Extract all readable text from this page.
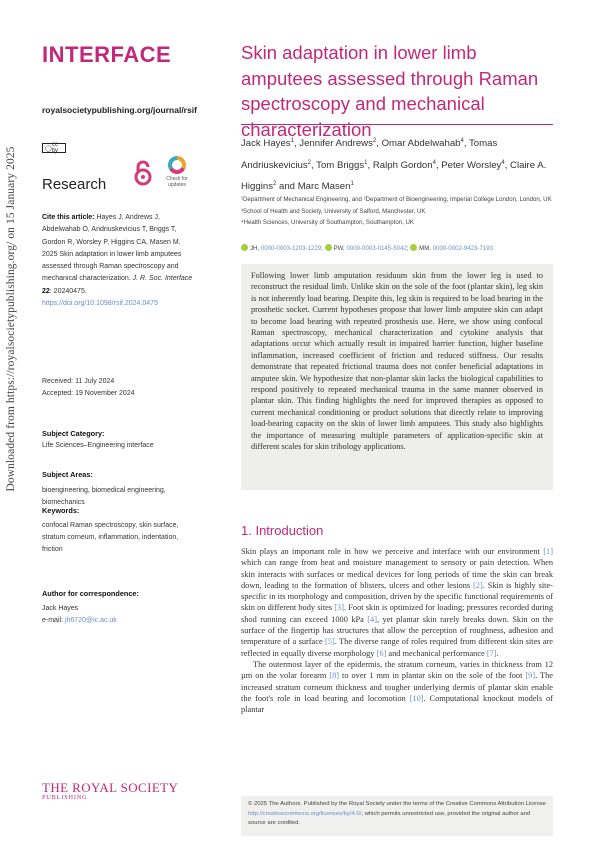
Downloaded from https://royalsocietypublishing.org/ on 15 January 2025
INTERFACE
royalsocietypublishing.org/journal/rsif
◯
cc by
Research	Check for updates
Cite this article: Hayes J, Andrews J, Abdelwahab O, Andriuskevicius T, Briggs T, Gordon R, Worsley P, Higgins CA, Masen M. 2025 Skin adaptation in lower limb amputees assessed through Raman spectroscopy and mechanical characterization. J. R. Soc. Interface 22: 20240475. https://doi.org/10.1098/rsif.2024.0475
Received: 11 July 2024
Accepted: 19 November 2024
Subject Category:
Life Sciences–Engineering interface
Subject Areas:
bioengineering, biomedical engineering, biomechanics
Keywords:
confocal Raman spectroscopy, skin surface, stratum corneum, inflammation, indentation, friction
Author for correspondence:
Jack Hayes
e-mail: jh6720@ic.ac.uk
THE ROYAL SOCIETY
PUBLISHING
Skin adaptation in lower limb amputees assessed through Raman spectroscopy and mechanical characterization
Jack Hayes$^1$, Jennifer Andrews$^2$, Omar Abdelwahab$^4$, Tomas Andriuskevicius$^2$, Tom Briggs$^1$, Ralph Gordon$^4$, Peter Worsley$^4$, Claire A. Higgins$^2$ and Marc Masen$^1$
¹Department of Mechanical Engineering, and ²Department of Bioengineering, Imperial College London, London, UK
³School of Health and Society, University of Salford, Manchester, UK
⁴Health Sciences, University of Southampton, Southampton, UK
JH, 0000-0003-1203-1229; PW, 0000-0003-0145-5042; MM, 0000-0002-9423-7193
Following lower limb amputation residuum skin from the lower leg is used to reconstruct the residual limb. Unlike skin on the sole of the foot (plantar skin), leg skin is not inherently load bearing. Despite this, leg skin is required to be load bearing in the prosthetic socket. Current hypotheses propose that lower limb amputee skin can adapt to become load bearing with repeated prosthesis use. Here, we show using confocal Raman spectroscopy, mechanical characterization and cytokine analysis that adaptations occur which actually result in impaired barrier function, higher baseline inflammation, increased coefficient of friction and reduced stiffness. Our results demonstrate that repeated frictional trauma does not confer beneficial adaptations in amputee skin. We hypothesize that non-plantar skin lacks the biological capabilities to respond positively to repeated mechanical trauma in the same manner observed in plantar skin. This finding highlights the need for improved therapies as opposed to current mechanical conditioning or product solutions that directly relate to improving load-bearing capacity on the skin of lower limb amputees. This study also highlights the importance of measuring multiple parameters of application-specific skin at different scales for skin tribology applications.
1. Introduction

Skin plays an important role in how we perceive and interface with our environment [1] which can range from heat and moisture management to sensory or pain detection. When skin interacts with surfaces or medical devices for long periods of time the skin can break down, leading to the formation of blisters, ulcers and other lesions [2]. Skin is highly site-specific in its morphology and composition, driven by the specific functional requirements of skin on different body sites [3]. Foot skin is optimized for loading; pressures recorded during shod running can exceed 1000 kPa [4], yet plantar skin rarely breaks down. Skin on the surface of the fingertip has structures that allow the perception of roughness, adhesion and temperature of a surface [5]. The diverse range of roles required from different skin sites are reflected in equally diverse morphology [6] and mechanical performance [7].

The outermost layer of the epidermis, the stratum corneum, varies in thickness from 12 µm on the volar forearm [8] to over 1 mm in plantar skin on the sole of the foot [9]. The increased stratum corneum thickness and tougher underlying dermis of plantar skin enable the foot's role in load bearing and locomotion [10]. Computational knockout models of plantar

© 2025 The Authors. Published by the Royal Society under the terms of the Creative Commons Attribution License http://creativecommons.org/licenses/by/4.0/, which permits unrestricted use, provided the original author and source are credited.
